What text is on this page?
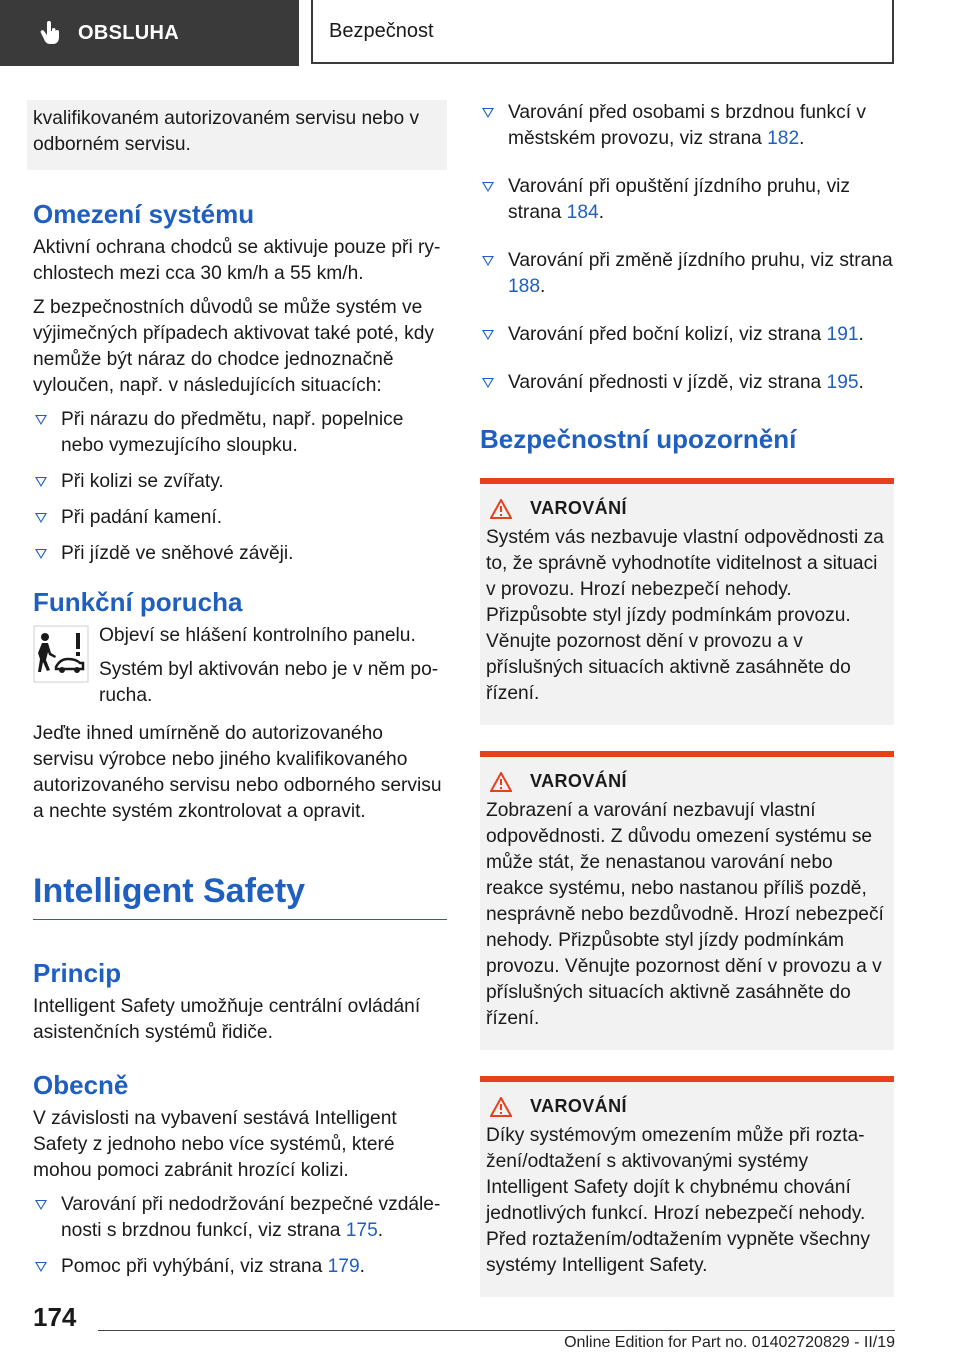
OBSLUHA	Bezpečnost

kvalifikovaném autorizovaném servisu nebo v odborném servisu.

Omezení systému

Aktivní ochrana chodců se aktivuje pouze při rychlostech mezi cca 30 km/h a 55 km/h.

Z bezpečnostních důvodů se může systém ve výjimečných případech aktivovat také poté, kdy nemůže být náraz do chodce jednoznačně vyloučen, např. v následujících situacích:

Při nárazu do předmětu, např. popelnice nebo vymezujícího sloupku.
Při kolizi se zvířaty.
Při padání kamení.
Při jízdě ve sněhové závěji.
Funkční porucha

Objeví se hlášení kontrolního panelu.

Systém byl aktivován nebo je v něm porucha.

Jeďte ihned umírněně do autorizovaného servisu výrobce nebo jiného kvalifikovaného autorizovaného servisu nebo odborného servisu a nechte systém zkontrolovat a opravit.

Intelligent Safety
Princip

Intelligent Safety umožňuje centrální ovládání asistenčních systémů řidiče.

Obecně

V závislosti na vybavení sestává Intelligent Safety z jednoho nebo více systémů, které mohou pomoci zabránit hrozící kolizi.

Varování při nedodržování bezpečné vzdálenosti s brzdnou funkcí, viz strana 175.
Pomoc při vyhýbání, viz strana 179.
Varování před osobami s brzdnou funkcí v městském provozu, viz strana 182.
Varování při opuštění jízdního pruhu, viz strana 184.
Varování při změně jízdního pruhu, viz strana 188.
Varování před boční kolizí, viz strana 191.
Varování přednosti v jízdě, viz strana 195.
Bezpečnostní upozornění
VAROVÁNÍ

Systém vás nezbavuje vlastní odpovědnosti za to, že správně vyhodnotíte viditelnost a situaci v provozu. Hrozí nebezpečí nehody. Přizpůsobte styl jízdy podmínkám provozu. Věnujte pozornost dění v provozu a v příslušných situacích aktivně zasáhněte do řízení.

VAROVÁNÍ

Zobrazení a varování nezbavují vlastní odpovědnosti. Z důvodu omezení systému se může stát, že nenastanou varování nebo reakce systému, nebo nastanou příliš pozdě, nesprávně nebo bezdůvodně. Hrozí nebezpečí nehody. Přizpůsobte styl jízdy podmínkám provozu. Věnujte pozornost dění v provozu a v příslušných situacích aktivně zasáhněte do řízení.

VAROVÁNÍ

Díky systémovým omezením může při roztažení/odtažení s aktivovanými systémy Intelligent Safety dojít k chybnému chování jednotlivých funkcí. Hrozí nebezpečí nehody. Před roztažením/odtažením vypněte všechny systémy Intelligent Safety.

174
Online Edition for Part no. 01402720829 - II/19
